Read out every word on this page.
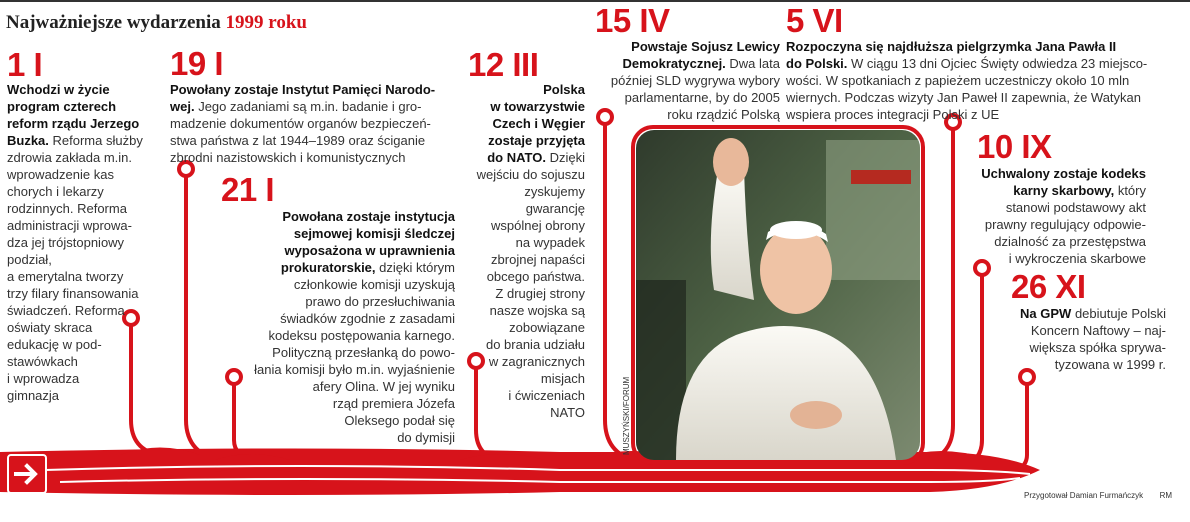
Najważniejsze wydarzenia 1999 roku
MUSZYŃSKI/FORUM
1 I	19 I
21 I
12 III
15 IV	5 VI
10 IX
26 XI
Wchodzi w życie
program czterech
reform rządu Jerzego
Buzka. Reforma służby
zdrowia zakłada m.in.
wprowadzenie kas
chorych i lekarzy
rodzinnych. Reforma
administracji wprowa-
dza jej trójstopniowy
podział,
a emerytalna tworzy
trzy filary finansowania
świadczeń. Reforma
oświaty skraca
edukację w pod-
stawówkach
i wprowadza
gimnazja
Powołany zostaje Instytut Pamięci Narodo-
wej. Jego zadaniami są m.in. badanie i gro-
madzenie dokumentów organów bezpieczeń-
stwa państwa z lat 1944–1989 oraz ściganie
zbrodni nazistowskich i komunistycznych
Powołana zostaje instytucja
sejmowej komisji śledczej
wyposażona w uprawnienia
prokuratorskie, dzięki którym
członkowie komisji uzyskują
prawo do przesłuchiwania
świadków zgodnie z zasadami
kodeksu postępowania karnego.
Polityczną przesłanką do powo-
łania komisji było m.in. wyjaśnienie
afery Olina. W jej wyniku
rząd premiera Józefa
Oleksego podał się
do dymisji
Polska
w towarzystwie
Czech i Węgier
zostaje przyjęta
do NATO. Dzięki
wejściu do sojuszu
zyskujemy
gwarancję
wspólnej obrony
na wypadek
zbrojnej napaści
obcego państwa.
Z drugiej strony
nasze wojska są
zobowiązane
do brania udziału
w zagranicznych
misjach
i ćwiczeniach
NATO
Powstaje Sojusz Lewicy
Demokratycznej. Dwa lata
później SLD wygrywa wybory
parlamentarne, by do 2005
roku rządzić Polską
Rozpoczyna się najdłuższa pielgrzymka Jana Pawła II
do Polski. W ciągu 13 dni Ojciec Święty odwiedza 23 miejsco-
wości. W spotkaniach z papieżem uczestniczy około 10 mln
wiernych. Podczas wizyty Jan Paweł II zapewnia, że Watykan
wspiera proces integracji Polski z UE
Uchwalony zostaje kodeks
karny skarbowy, który
stanowi podstawowy akt
prawny regulujący odpowie-
dzialność za przestępstwa
i wykroczenia skarbowe
Na GPW debiutuje Polski
Koncern Naftowy – naj-
większa spółka sprywa-
tyzowana w 1999 r.
Przygotował Damian Furmańczyk RM
